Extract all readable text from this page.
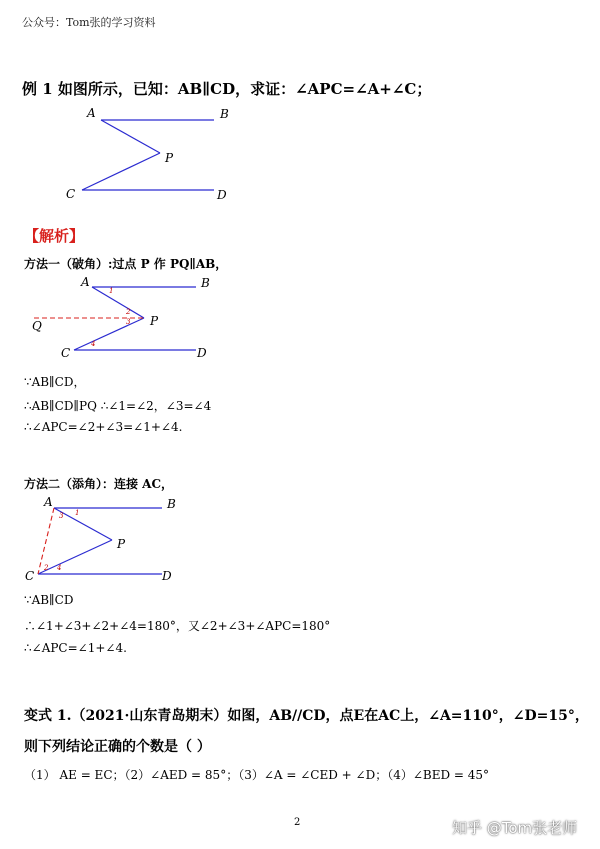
公众号：Tom张的学习资料
例 1 如图所示，已知：AB∥CD，求证：∠APC=∠A+∠C；
A	B
P
C	D
【解析】
方法一（破角）:过点 P 作 PQ∥AB，
A	B
P
Q
C	D
1
2
3
4
∵AB∥CD，
∴AB∥CD∥PQ ∴∠1=∠2，∠3=∠4
∴∠APC=∠2+∠3=∠1+∠4.
方法二（添角）：连接 AC，
A	B
P
C	D
1
2
3
4
∵AB∥CD
∴∠1+∠3+∠2+∠4=180°，又∠2+∠3+∠APC=180°
∴∠APC=∠1+∠4.
变式 1.（2021·山东青岛期末）如图，AB//CD，点E在AC上，∠A=110°，∠D=15°，
则下列结论正确的个数是（ ）
（1） AE = EC；（2）∠AED = 85°；（3）∠A = ∠CED + ∠D；（4）∠BED = 45°
2	知乎 @Tom张老师
